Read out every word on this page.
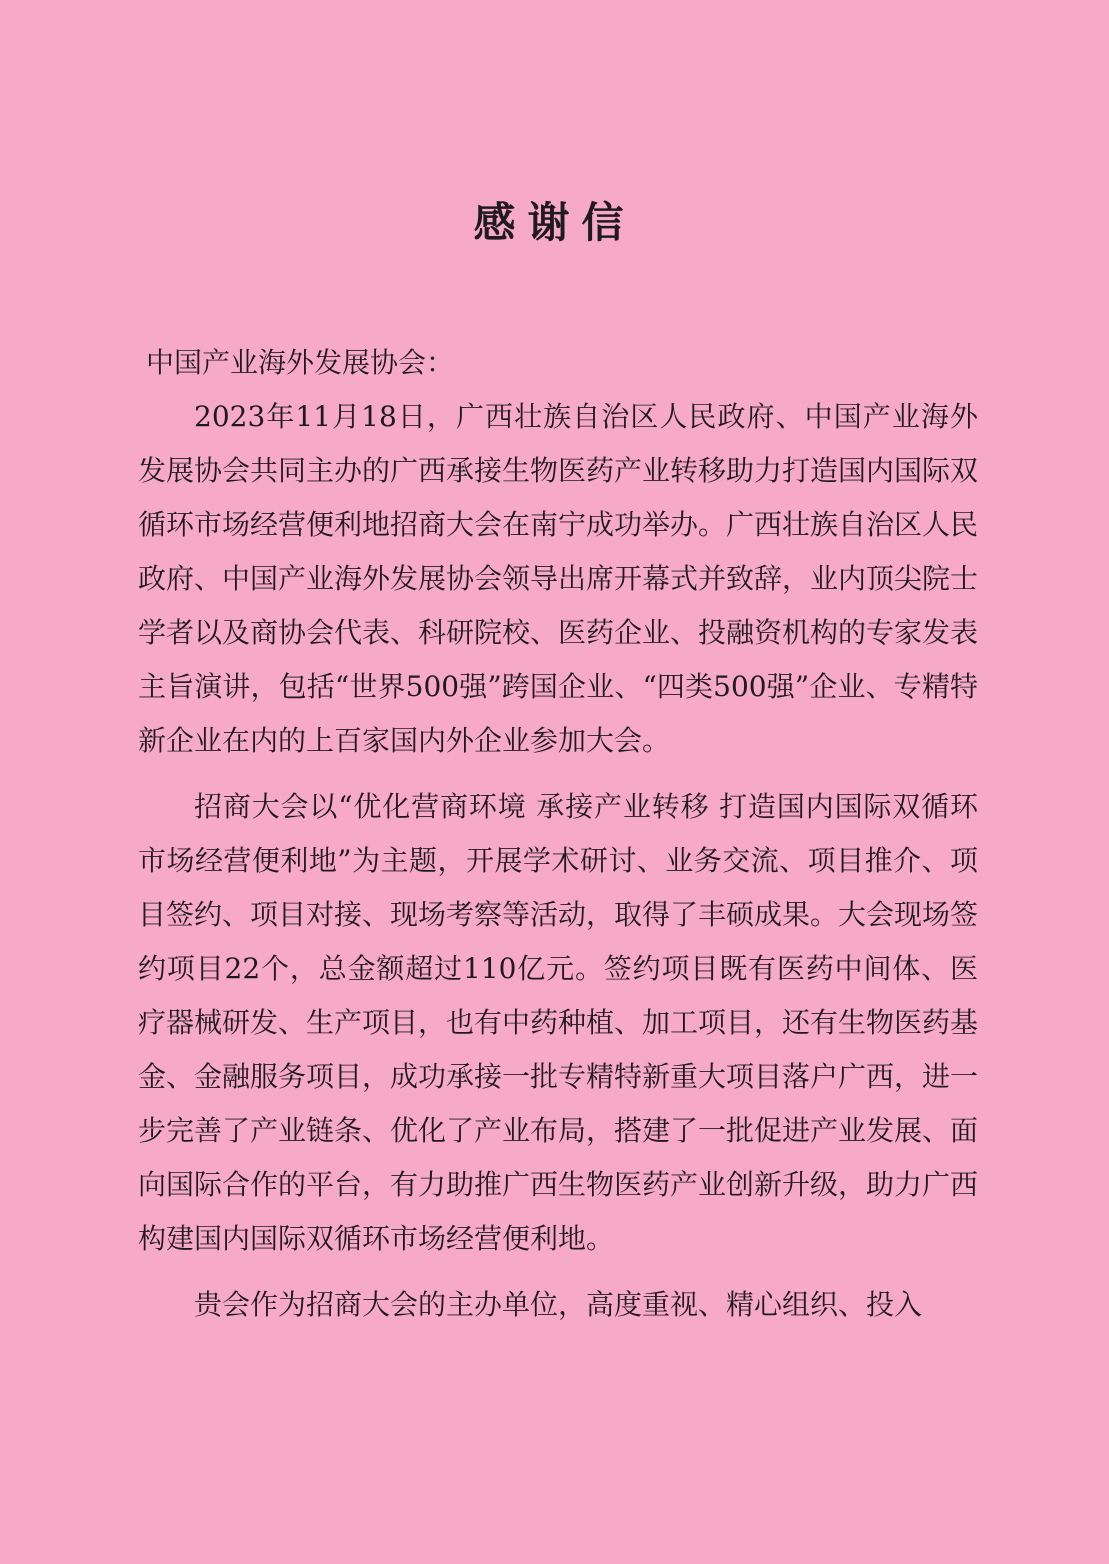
感谢信

中国产业海外发展协会：

2023年11月18日，广西壮族自治区人民政府、中国产业海外发展协会共同主办的广西承接生物医药产业转移助力打造国内国际双循环市场经营便利地招商大会在南宁成功举办。广西壮族自治区人民政府、中国产业海外发展协会领导出席开幕式并致辞，业内顶尖院士学者以及商协会代表、科研院校、医药企业、投融资机构的专家发表主旨演讲，包括“世界500强”跨国企业、“四类500强”企业、专精特新企业在内的上百家国内外企业参加大会。

招商大会以“优化营商环境 承接产业转移 打造国内国际双循环市场经营便利地”为主题，开展学术研讨、业务交流、项目推介、项目签约、项目对接、现场考察等活动，取得了丰硕成果。大会现场签约项目22个，总金额超过110亿元。签约项目既有医药中间体、医疗器械研发、生产项目，也有中药种植、加工项目，还有生物医药基金、金融服务项目，成功承接一批专精特新重大项目落户广西，进一步完善了产业链条、优化了产业布局，搭建了一批促进产业发展、面向国际合作的平台，有力助推广西生物医药产业创新升级，助力广西构建国内国际双循环市场经营便利地。

贵会作为招商大会的主办单位，高度重视、精心组织、投入
